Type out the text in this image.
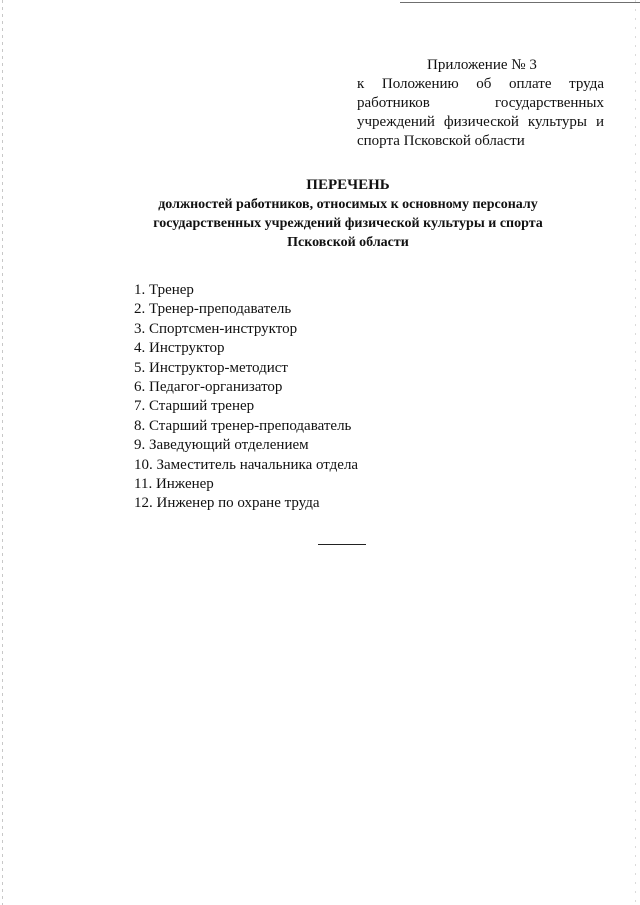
Приложение № 3
к Положению об оплате труда
работников государственных
учреждений физической культуры и
спорта Псковской области
ПЕРЕЧЕНЬ
должностей работников, относимых к основному персоналу
государственных учреждений физической культуры и спорта
Псковской области
1. Тренер
2. Тренер-преподаватель
3. Спортсмен-инструктор
4. Инструктор
5. Инструктор-методист
6. Педагог-организатор
7. Старший тренер
8. Старший тренер-преподаватель
9. Заведующий отделением
10. Заместитель начальника отдела
11. Инженер
12. Инженер по охране труда
